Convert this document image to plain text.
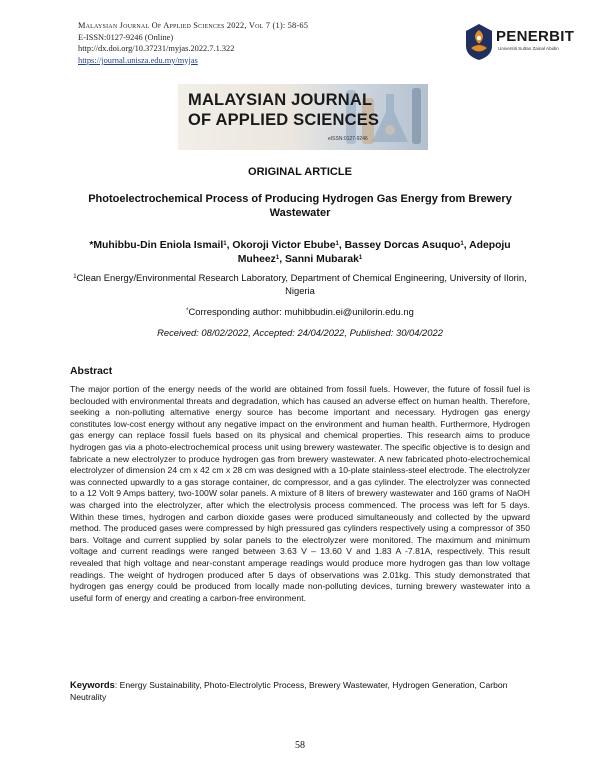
Malaysian Journal Of Applied Sciences 2022, Vol 7 (1): 58-65
E-ISSN:0127-9246 (Online)
http://dx.doi.org/10.37231/myjas.2022.7.1.322
https://journal.unisza.edu.my/myjas
PENERBIT
Universiti Sultan Zainal Abidin
MALAYSIAN JOURNAL
OF APPLIED SCIENCES
eISSN:0127-9246
ORIGINAL ARTICLE
Photoelectrochemical Process of Producing Hydrogen Gas Energy from Brewery Wastewater
*Muhibbu-Din Eniola Ismail$^1$, Okoroji Victor Ebube$^1$, Bassey Dorcas Asuquo$^1$, Adepoju Muheez$^1$, Sanni Mubarak$^1$
$^1$Clean Energy/Environmental Research Laboratory, Department of Chemical Engineering, University of Ilorin, Nigeria
*Corresponding author: muhibbudin.ei@unilorin.edu.ng
Received: 08/02/2022, Accepted: 24/04/2022, Published: 30/04/2022
Abstract
The major portion of the energy needs of the world are obtained from fossil fuels. However, the future of fossil fuel is beclouded with environmental threats and degradation, which has caused an adverse effect on human health. Therefore, seeking a non-polluting alternative energy source has become important and necessary. Hydrogen gas energy constitutes low-cost energy without any negative impact on the environment and human health. Furthermore, Hydrogen gas energy can replace fossil fuels based on its physical and chemical properties. This research aims to produce hydrogen gas via a photo-electrochemical process unit using brewery wastewater. The specific objective is to design and fabricate a new electrolyzer to produce hydrogen gas from brewery wastewater. A new fabricated photo-electrochemical electrolyzer of dimension 24 cm x 42 cm x 28 cm was designed with a 10-plate stainless-steel electrode. The electrolyzer was connected upwardly to a gas storage container, dc compressor, and a gas cylinder. The electrolyzer was connected to a 12 Volt 9 Amps battery, two-100W solar panels. A mixture of 8 liters of brewery wastewater and 160 grams of NaOH was charged into the electrolyzer, after which the electrolysis process commenced. The process was left for 5 days. Within these times, hydrogen and carbon dioxide gases were produced simultaneously and collected by the upward method. The produced gases were compressed by high pressured gas cylinders respectively using a compressor of 350 bars. Voltage and current supplied by solar panels to the electrolyzer were monitored. The maximum and minimum voltage and current readings were ranged between 3.63 V – 13.60 V and 1.83 A -7.81A, respectively. This result revealed that high voltage and near-constant amperage readings would produce more hydrogen gas than low voltage readings. The weight of hydrogen produced after 5 days of observations was 2.01kg. This study demonstrated that hydrogen gas energy could be produced from locally made non-polluting devices, turning brewery wastewater into a useful form of energy and creating a carbon-free environment.
Keywords: Energy Sustainability, Photo-Electrolytic Process, Brewery Wastewater, Hydrogen Generation, Carbon Neutrality
58
